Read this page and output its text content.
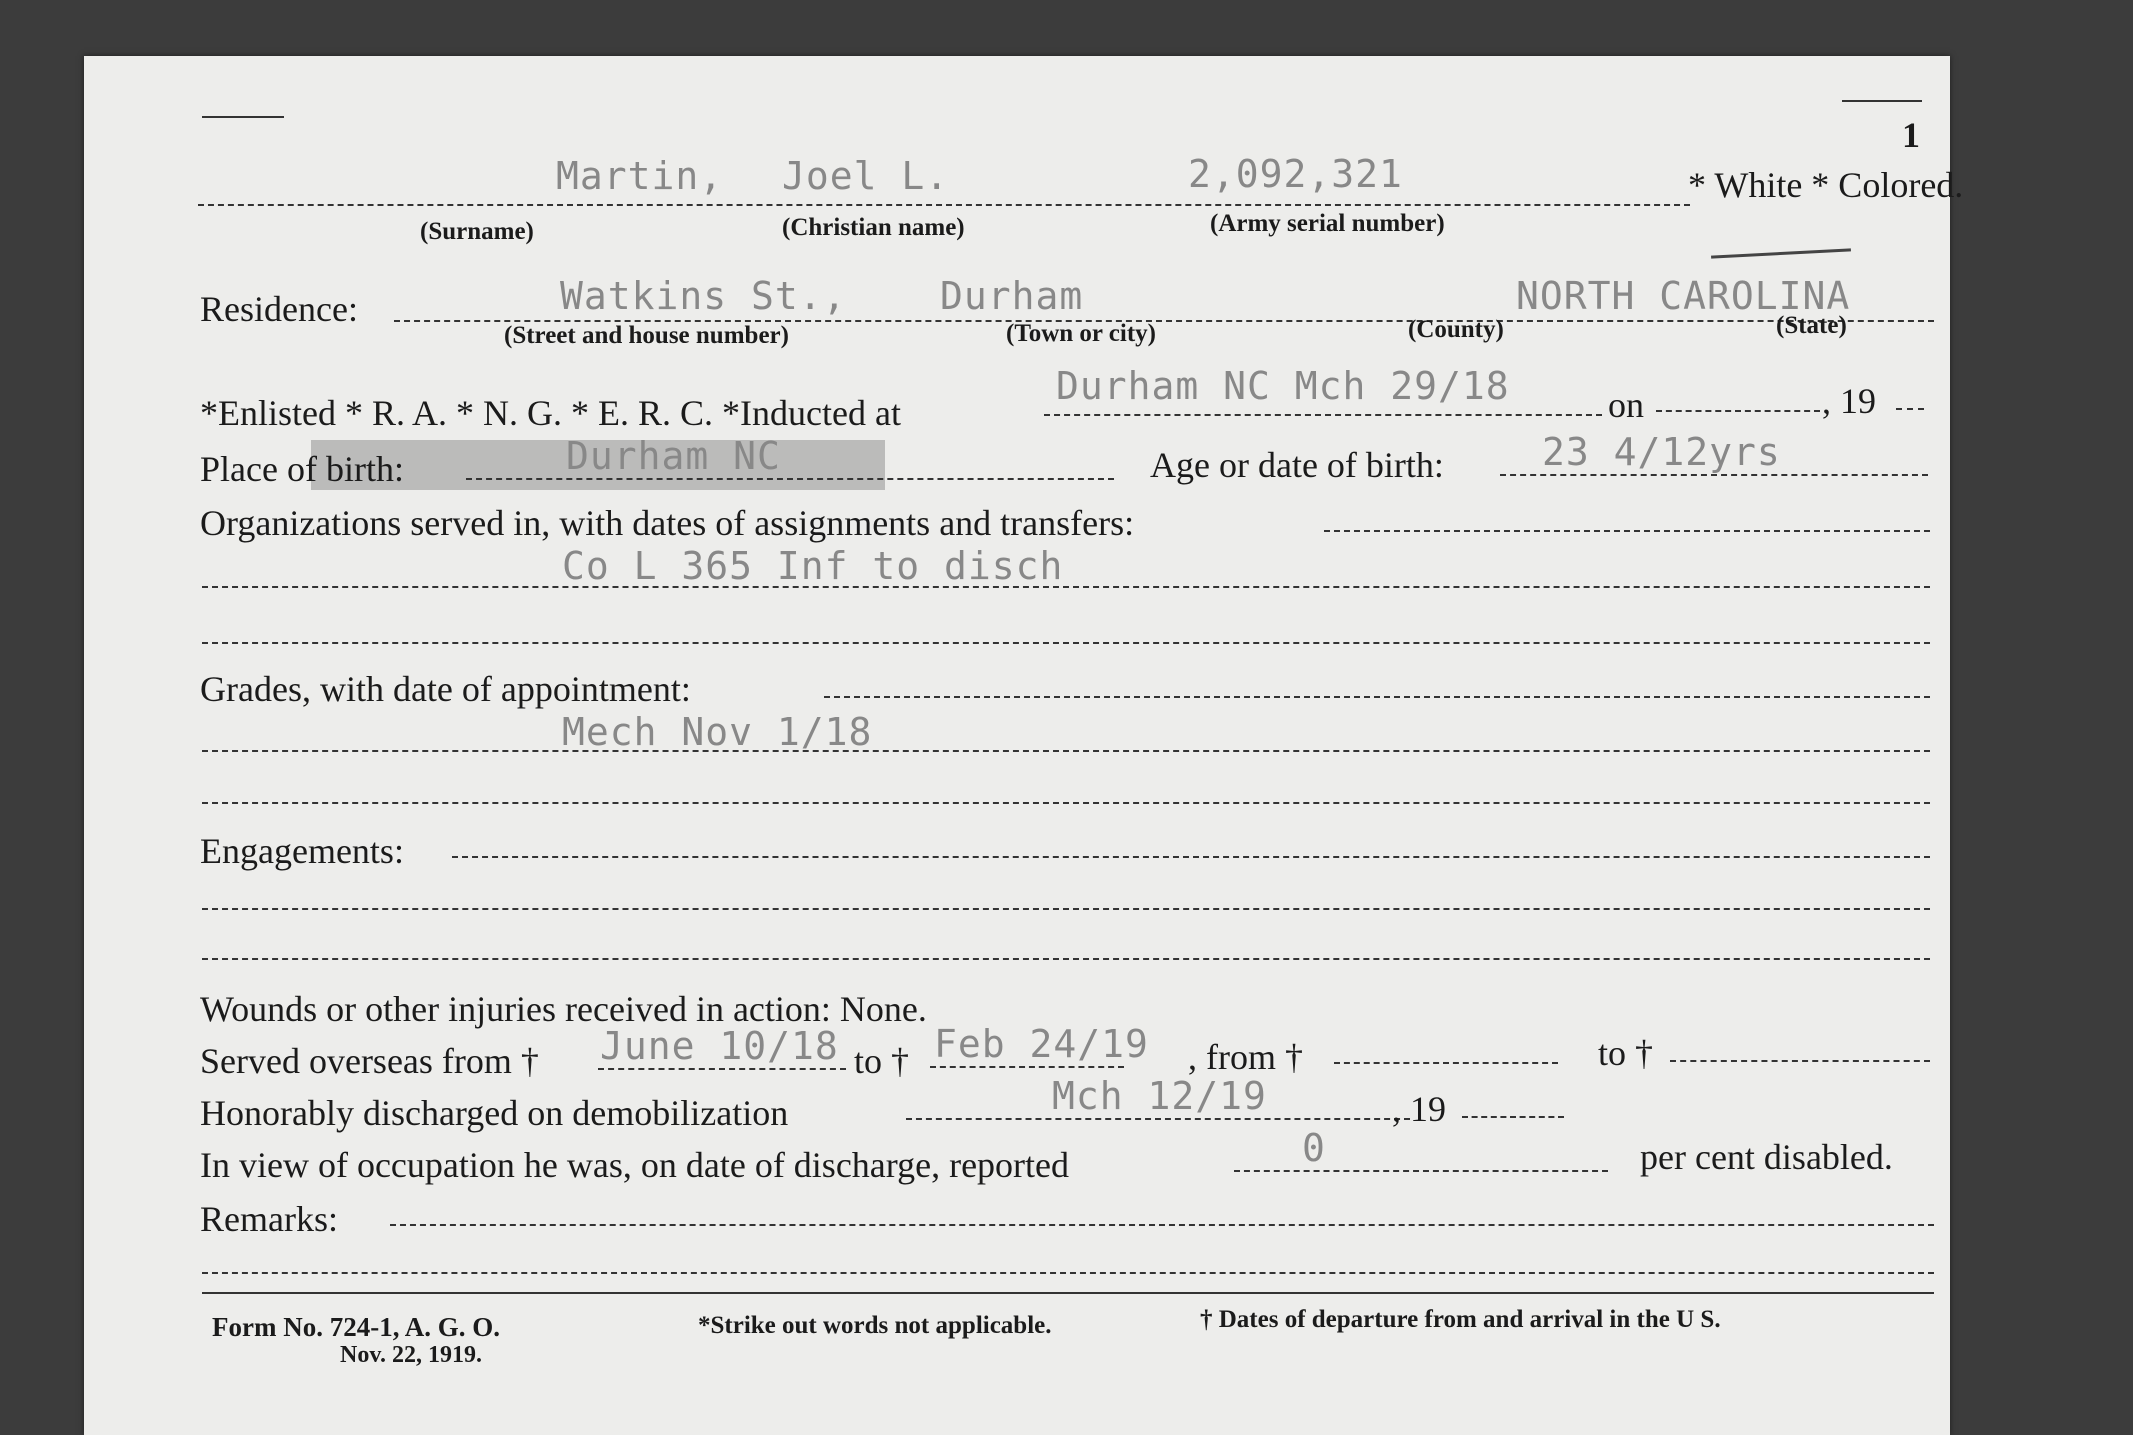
1
Martin, Joel L.	2,092,321	* White * Colored.
(Surname)	(Christian name)	(Army serial number)
Residence:	Watkins St., Durham	NORTH CAROLINA
(Street and house number)	(Town or city)	(County)	(State)
*Enlisted * R. A. * N. G. * E. R. C. *Inducted at
Durham NC Mch 29/18	on	, 19
Place of birth:	Durham NC	Age or date of birth:	23 4/12yrs
Organizations served in, with dates of assignments and transfers:
Co L 365 Inf to disch
Grades, with date of appointment:
Mech Nov 1/18
Engagements:
Wounds or other injuries received in action: None.
Served overseas from † June 10/18 to † Feb 24/19 , from †	to †
Honorably discharged on demobilization	Mch 12/19	, 19
In view of occupation he was, on date of discharge, reported	0	per cent disabled.
Remarks:
Form No. 724-1, A. G. O.
Nov. 22, 1919.
*Strike out words not applicable.	† Dates of departure from and arrival in the U S.
